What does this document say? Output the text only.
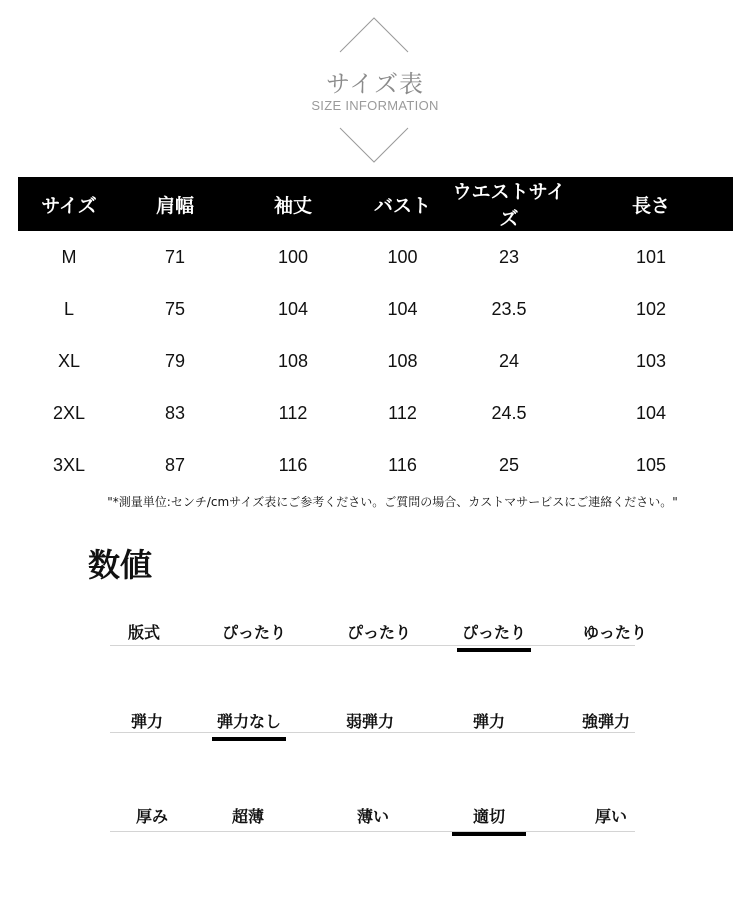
サイズ表
SIZE INFORMATION
サイズ	肩幅	袖丈	バスト	ウエストサイズ	長さ
M	71	100	100	23	101
L	75	104	104	23.5	102
XL	79	108	108	24	103
2XL	83	112	112	24.5	104
3XL	87	116	116	25	105
"*測量単位:センチ/cmサイズ表にご参考ください。ご質問の場合、カストマサービスにご連絡ください。"
数値
版式	ぴったり	ぴったり	ぴったり	ゆったり
弾力	弾力なし	弱弾力	弾力	強弾力
厚み	超薄	薄い	適切	厚い
